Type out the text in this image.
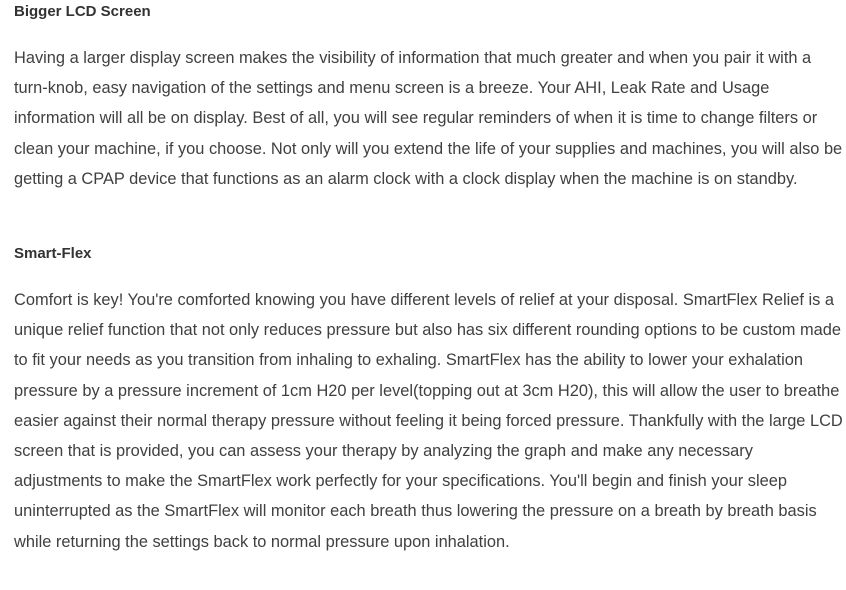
Bigger LCD Screen

Having a larger display screen makes the visibility of information that much greater and when you pair it with a turn-knob, easy navigation of the settings and menu screen is a breeze. Your AHI, Leak Rate and Usage information will all be on display. Best of all, you will see regular reminders of when it is time to change filters or clean your machine, if you choose. Not only will you extend the life of your supplies and machines, you will also be getting a CPAP device that functions as an alarm clock with a clock display when the machine is on standby.

Smart-Flex

Comfort is key! You're comforted knowing you have different levels of relief at your disposal. SmartFlex Relief is a unique relief function that not only reduces pressure but also has six different rounding options to be custom made to fit your needs as you transition from inhaling to exhaling. SmartFlex has the ability to lower your exhalation pressure by a pressure increment of 1cm H20 per level(topping out at 3cm H20), this will allow the user to breathe easier against their normal therapy pressure without feeling it being forced pressure. Thankfully with the large LCD screen that is provided, you can assess your therapy by analyzing the graph and make any necessary adjustments to make the SmartFlex work perfectly for your specifications. You'll begin and finish your sleep uninterrupted as the SmartFlex will monitor each breath thus lowering the pressure on a breath by breath basis while returning the settings back to normal pressure upon inhalation.
